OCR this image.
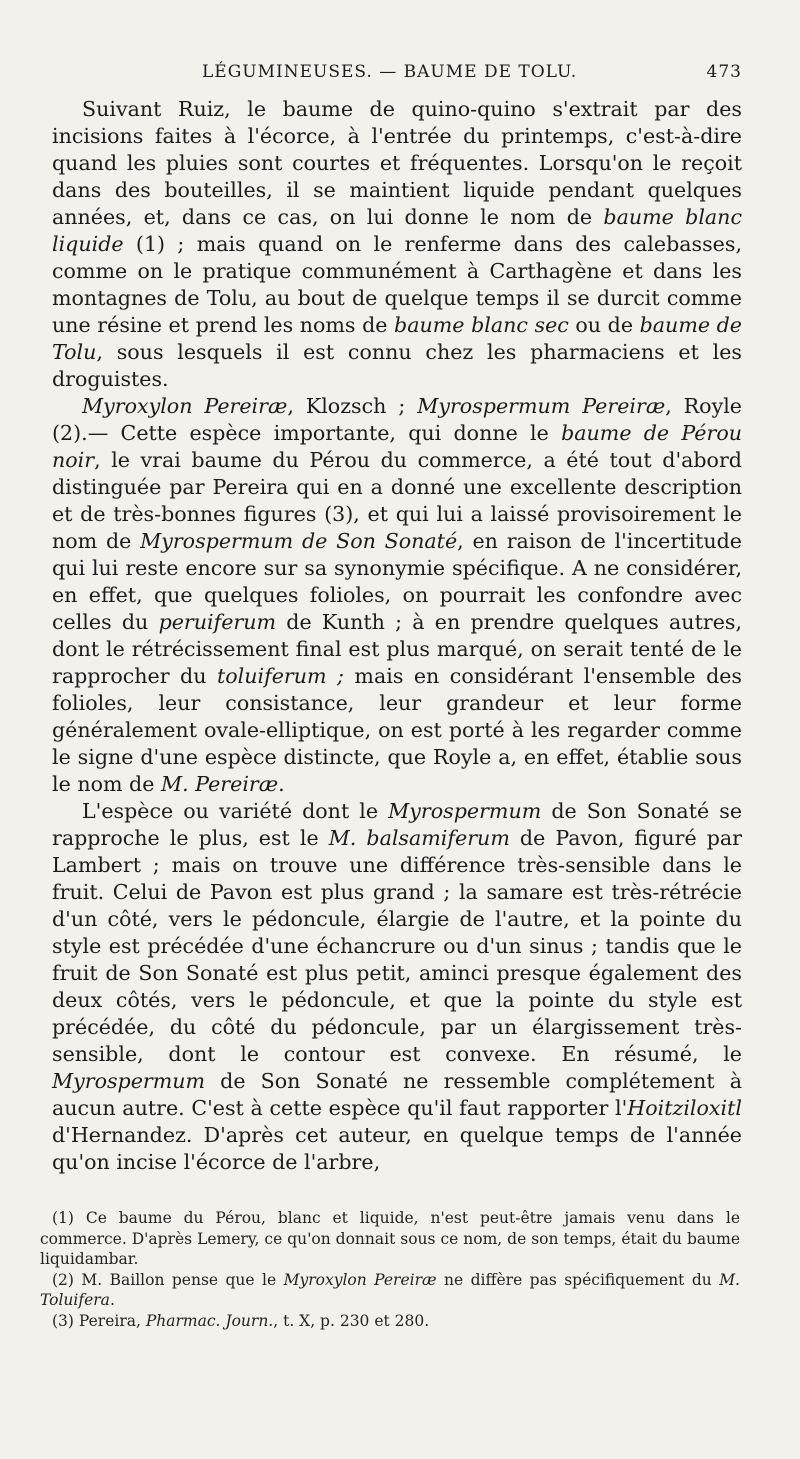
LÉGUMINEUSES. — BAUME DE TOLU.	473

Suivant Ruiz, le baume de quino-quino s'extrait par des incisions faites à l'écorce, à l'entrée du printemps, c'est-à-dire quand les pluies sont courtes et fréquentes. Lorsqu'on le reçoit dans des bouteilles, il se maintient liquide pendant quelques années, et, dans ce cas, on lui donne le nom de baume blanc liquide (1) ; mais quand on le renferme dans des calebasses, comme on le pratique communément à Carthagène et dans les montagnes de Tolu, au bout de quelque temps il se durcit comme une résine et prend les noms de baume blanc sec ou de baume de Tolu, sous lesquels il est connu chez les pharmaciens et les droguistes.

Myroxylon Pereiræ, Klozsch ; Myrospermum Pereiræ, Royle (2).— Cette espèce importante, qui donne le baume de Pérou noir, le vrai baume du Pérou du commerce, a été tout d'abord distinguée par Pereira qui en a donné une excellente description et de très-bonnes figures (3), et qui lui a laissé provisoirement le nom de Myrospermum de Son Sonaté, en raison de l'incertitude qui lui reste encore sur sa synonymie spécifique. A ne considérer, en effet, que quelques folioles, on pourrait les confondre avec celles du peruiferum de Kunth ; à en prendre quelques autres, dont le rétrécissement final est plus marqué, on serait tenté de le rapprocher du toluiferum ; mais en considérant l'ensemble des folioles, leur consistance, leur grandeur et leur forme généralement ovale-elliptique, on est porté à les regarder comme le signe d'une espèce distincte, que Royle a, en effet, établie sous le nom de M. Pereiræ.

L'espèce ou variété dont le Myrospermum de Son Sonaté se rapproche le plus, est le M. balsamiferum de Pavon, figuré par Lambert ; mais on trouve une différence très-sensible dans le fruit. Celui de Pavon est plus grand ; la samare est très-rétrécie d'un côté, vers le pédoncule, élargie de l'autre, et la pointe du style est précédée d'une échancrure ou d'un sinus ; tandis que le fruit de Son Sonaté est plus petit, aminci presque également des deux côtés, vers le pédoncule, et que la pointe du style est précédée, du côté du pédoncule, par un élargissement très-sensible, dont le contour est convexe. En résumé, le Myrospermum de Son Sonaté ne ressemble complétement à aucun autre. C'est à cette espèce qu'il faut rapporter l'Hoitziloxitl d'Hernandez. D'après cet auteur, en quelque temps de l'année qu'on incise l'écorce de l'arbre,

(1) Ce baume du Pérou, blanc et liquide, n'est peut-être jamais venu dans le commerce. D'après Lemery, ce qu'on donnait sous ce nom, de son temps, était du baume liquidambar.

(2) M. Baillon pense que le Myroxylon Pereiræ ne diffère pas spécifiquement du M. Toluifera.

(3) Pereira, Pharmac. Journ., t. X, p. 230 et 280.
